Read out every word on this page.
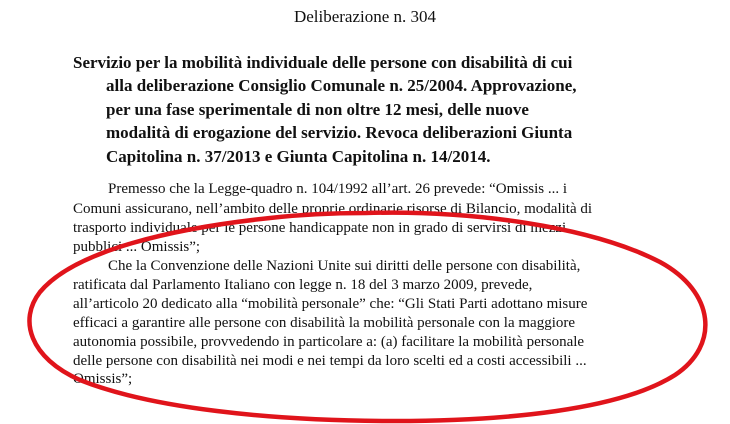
Deliberazione n. 304
Servizio per la mobilità individuale delle persone con disabilità di cui
alla deliberazione Consiglio Comunale n. 25/2004. Approvazione,
per una fase sperimentale di non oltre 12 mesi, delle nuove
modalità di erogazione del servizio. Revoca deliberazioni Giunta
Capitolina n. 37/2013 e Giunta Capitolina n. 14/2014.
Premesso che la Legge-quadro n. 104/1992 all’art. 26 prevede: “Omissis ... i
Comuni assicurano, nell’ambito delle proprie ordinarie risorse di Bilancio, modalità di
trasporto individuale per le persone handicappate non in grado di servirsi di mezzi
pubblici ... Omissis”;
Che la Convenzione delle Nazioni Unite sui diritti delle persone con disabilità,
ratificata dal Parlamento Italiano con legge n. 18 del 3 marzo 2009, prevede,
all’articolo 20 dedicato alla “mobilità personale” che: “Gli Stati Parti adottano misure
efficaci a garantire alle persone con disabilità la mobilità personale con la maggiore
autonomia possibile, provvedendo in particolare a: (a) facilitare la mobilità personale
delle persone con disabilità nei modi e nei tempi da loro scelti ed a costi accessibili ...
Omissis”;
